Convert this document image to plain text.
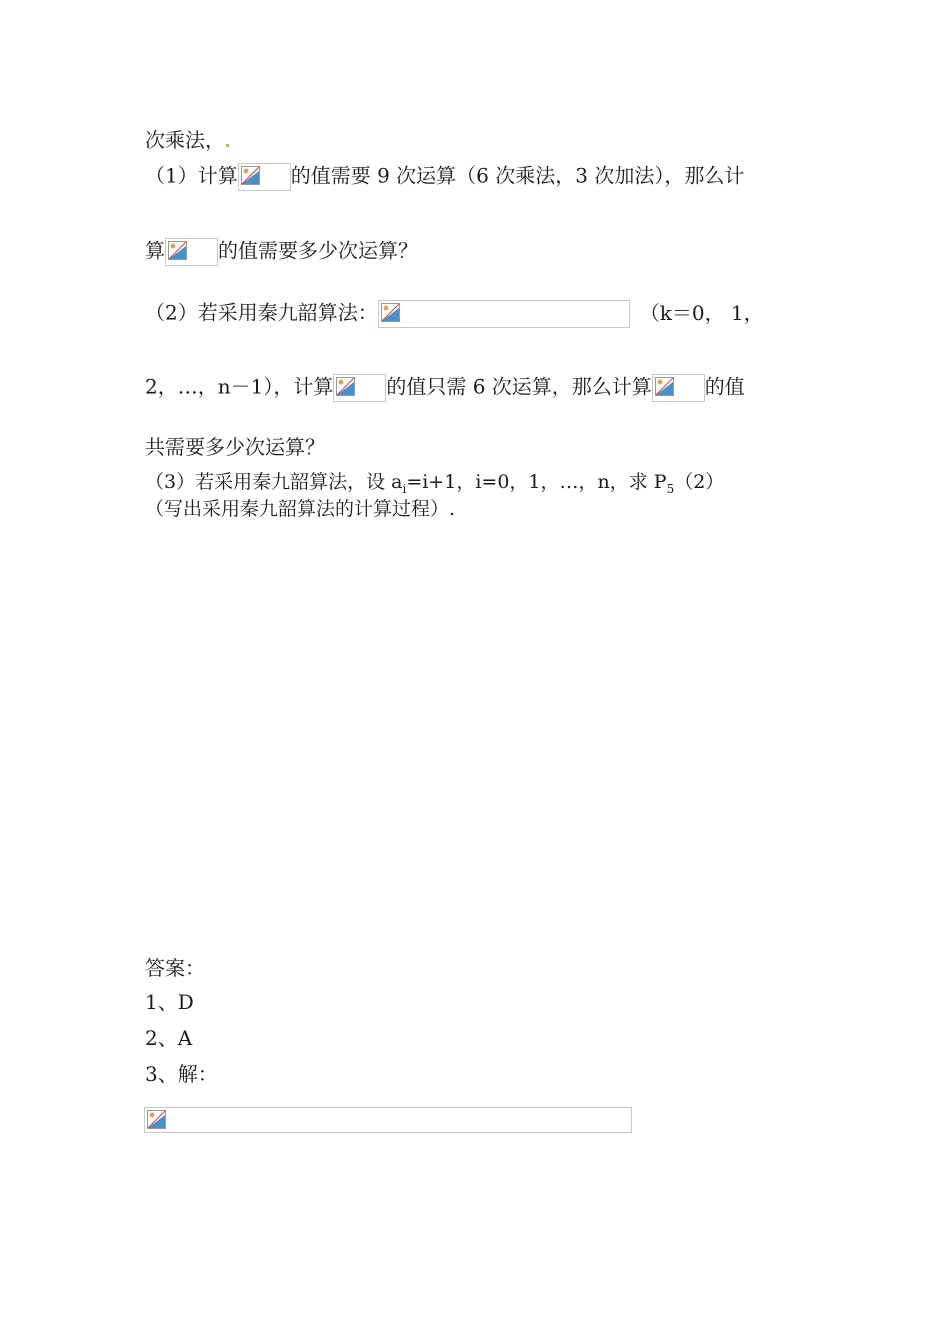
次乘法，
（1）计算	的值需要 9 次运算（6 次乘法，3 次加法），那么计
算	的值需要多少次运算？
（2）若采用秦九韶算法：	（k＝0， 1，
2，…，n－1），计算	的值只需 6 次运算，那么计算	的值
共需要多少次运算？
（3）若采用秦九韶算法，设 $a_i=i+1$，i=0，1，…，n，求 $P_5(2)$
（写出采用秦九韶算法的计算过程）.
答案：
1、D
2、A
3、解：
